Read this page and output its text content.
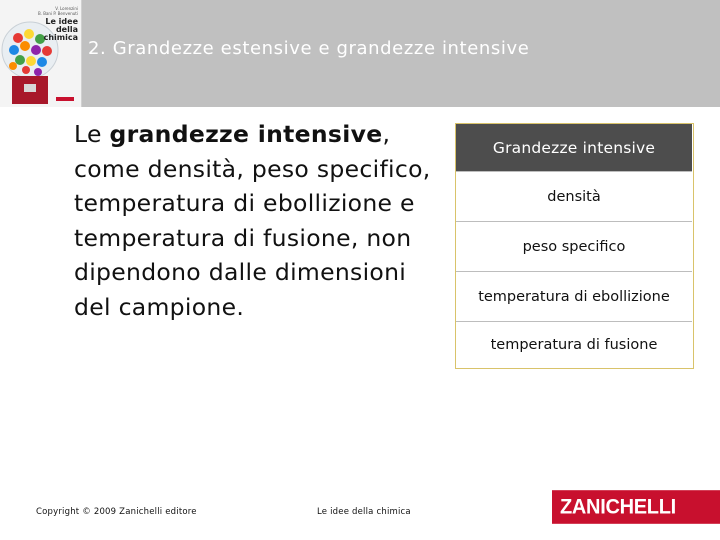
V. Lorenzini
B. Bani P. Benvenuti
Le idee
della
chimica
2. Grandezze estensive e grandezze intensive
Le grandezze intensive, come densità, peso specifico, temperatura di ebollizione e temperatura di fusione, non dipendono dalle dimensioni del campione.
Grandezze intensive
densità
peso specifico
temperatura di ebollizione
temperatura di fusione
Copyright © 2009 Zanichelli editore	Le idee della chimica	ZANICHELLI
